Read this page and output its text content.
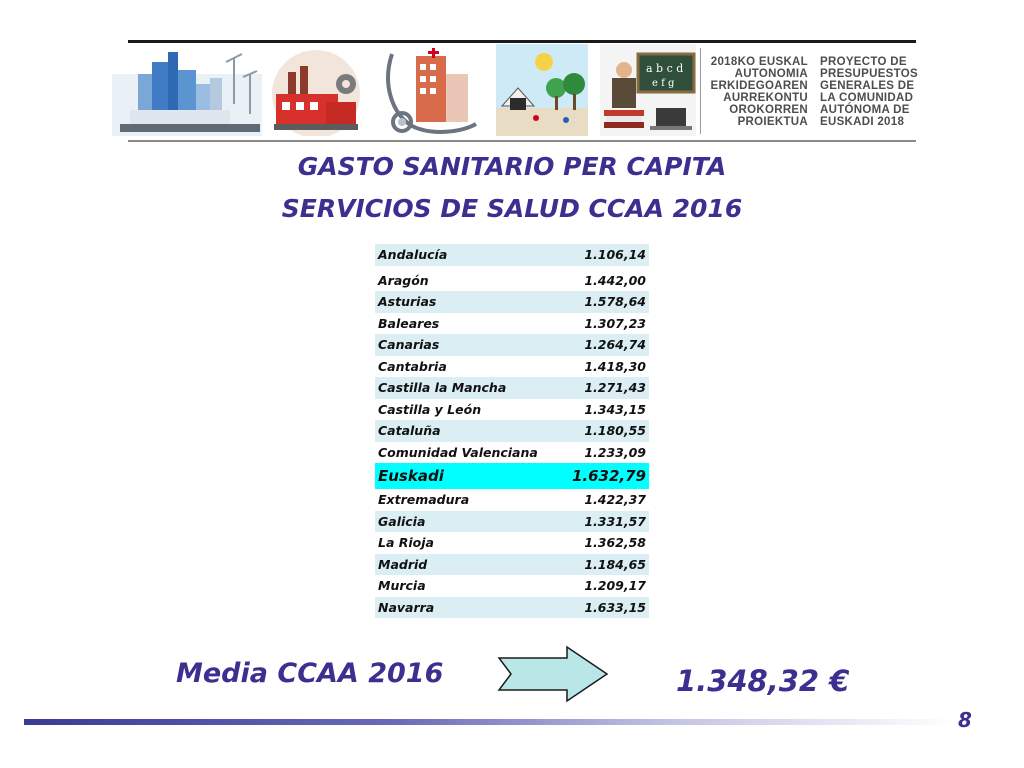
a b c d
e f g
2018KO EUSKAL
AUTONOMIA
ERKIDEGOAREN
AURREKONTU
OROKORREN
PROIEKTUA
PROYECTO DE
PRESUPUESTOS
GENERALES DE
LA COMUNIDAD
AUTÓNOMA DE
EUSKADI 2018
GASTO SANITARIO PER CAPITA
SERVICIOS DE SALUD CCAA 2016
Andalucía	1.106,14

Aragón	1.442,00
Asturias	1.578,64
Baleares	1.307,23
Canarias	1.264,74
Cantabria	1.418,30
Castilla la Mancha	1.271,43
Castilla y León	1.343,15
Cataluña	1.180,55
Comunidad Valenciana	1.233,09
Euskadi	1.632,79
Extremadura	1.422,37
Galicia	1.331,57
La Rioja	1.362,58
Madrid	1.184,65
Murcia	1.209,17
Navarra	1.633,15
Media CCAA 2016	1.348,32 €
8
